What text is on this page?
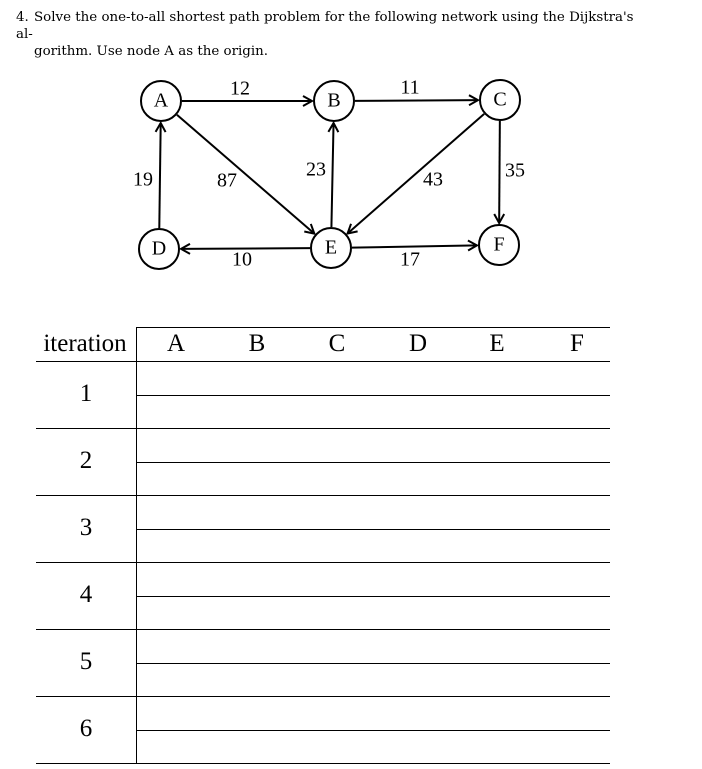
4. Solve the one-to-all shortest path problem for the following network using the Dijkstra's al-
gorithm. Use node A as the origin.

12	11
19	87	23	43	35
10	17
A	B	C
D	E	F
iteration	A	B	C	D	E	F
1
2
3
4
5
6
